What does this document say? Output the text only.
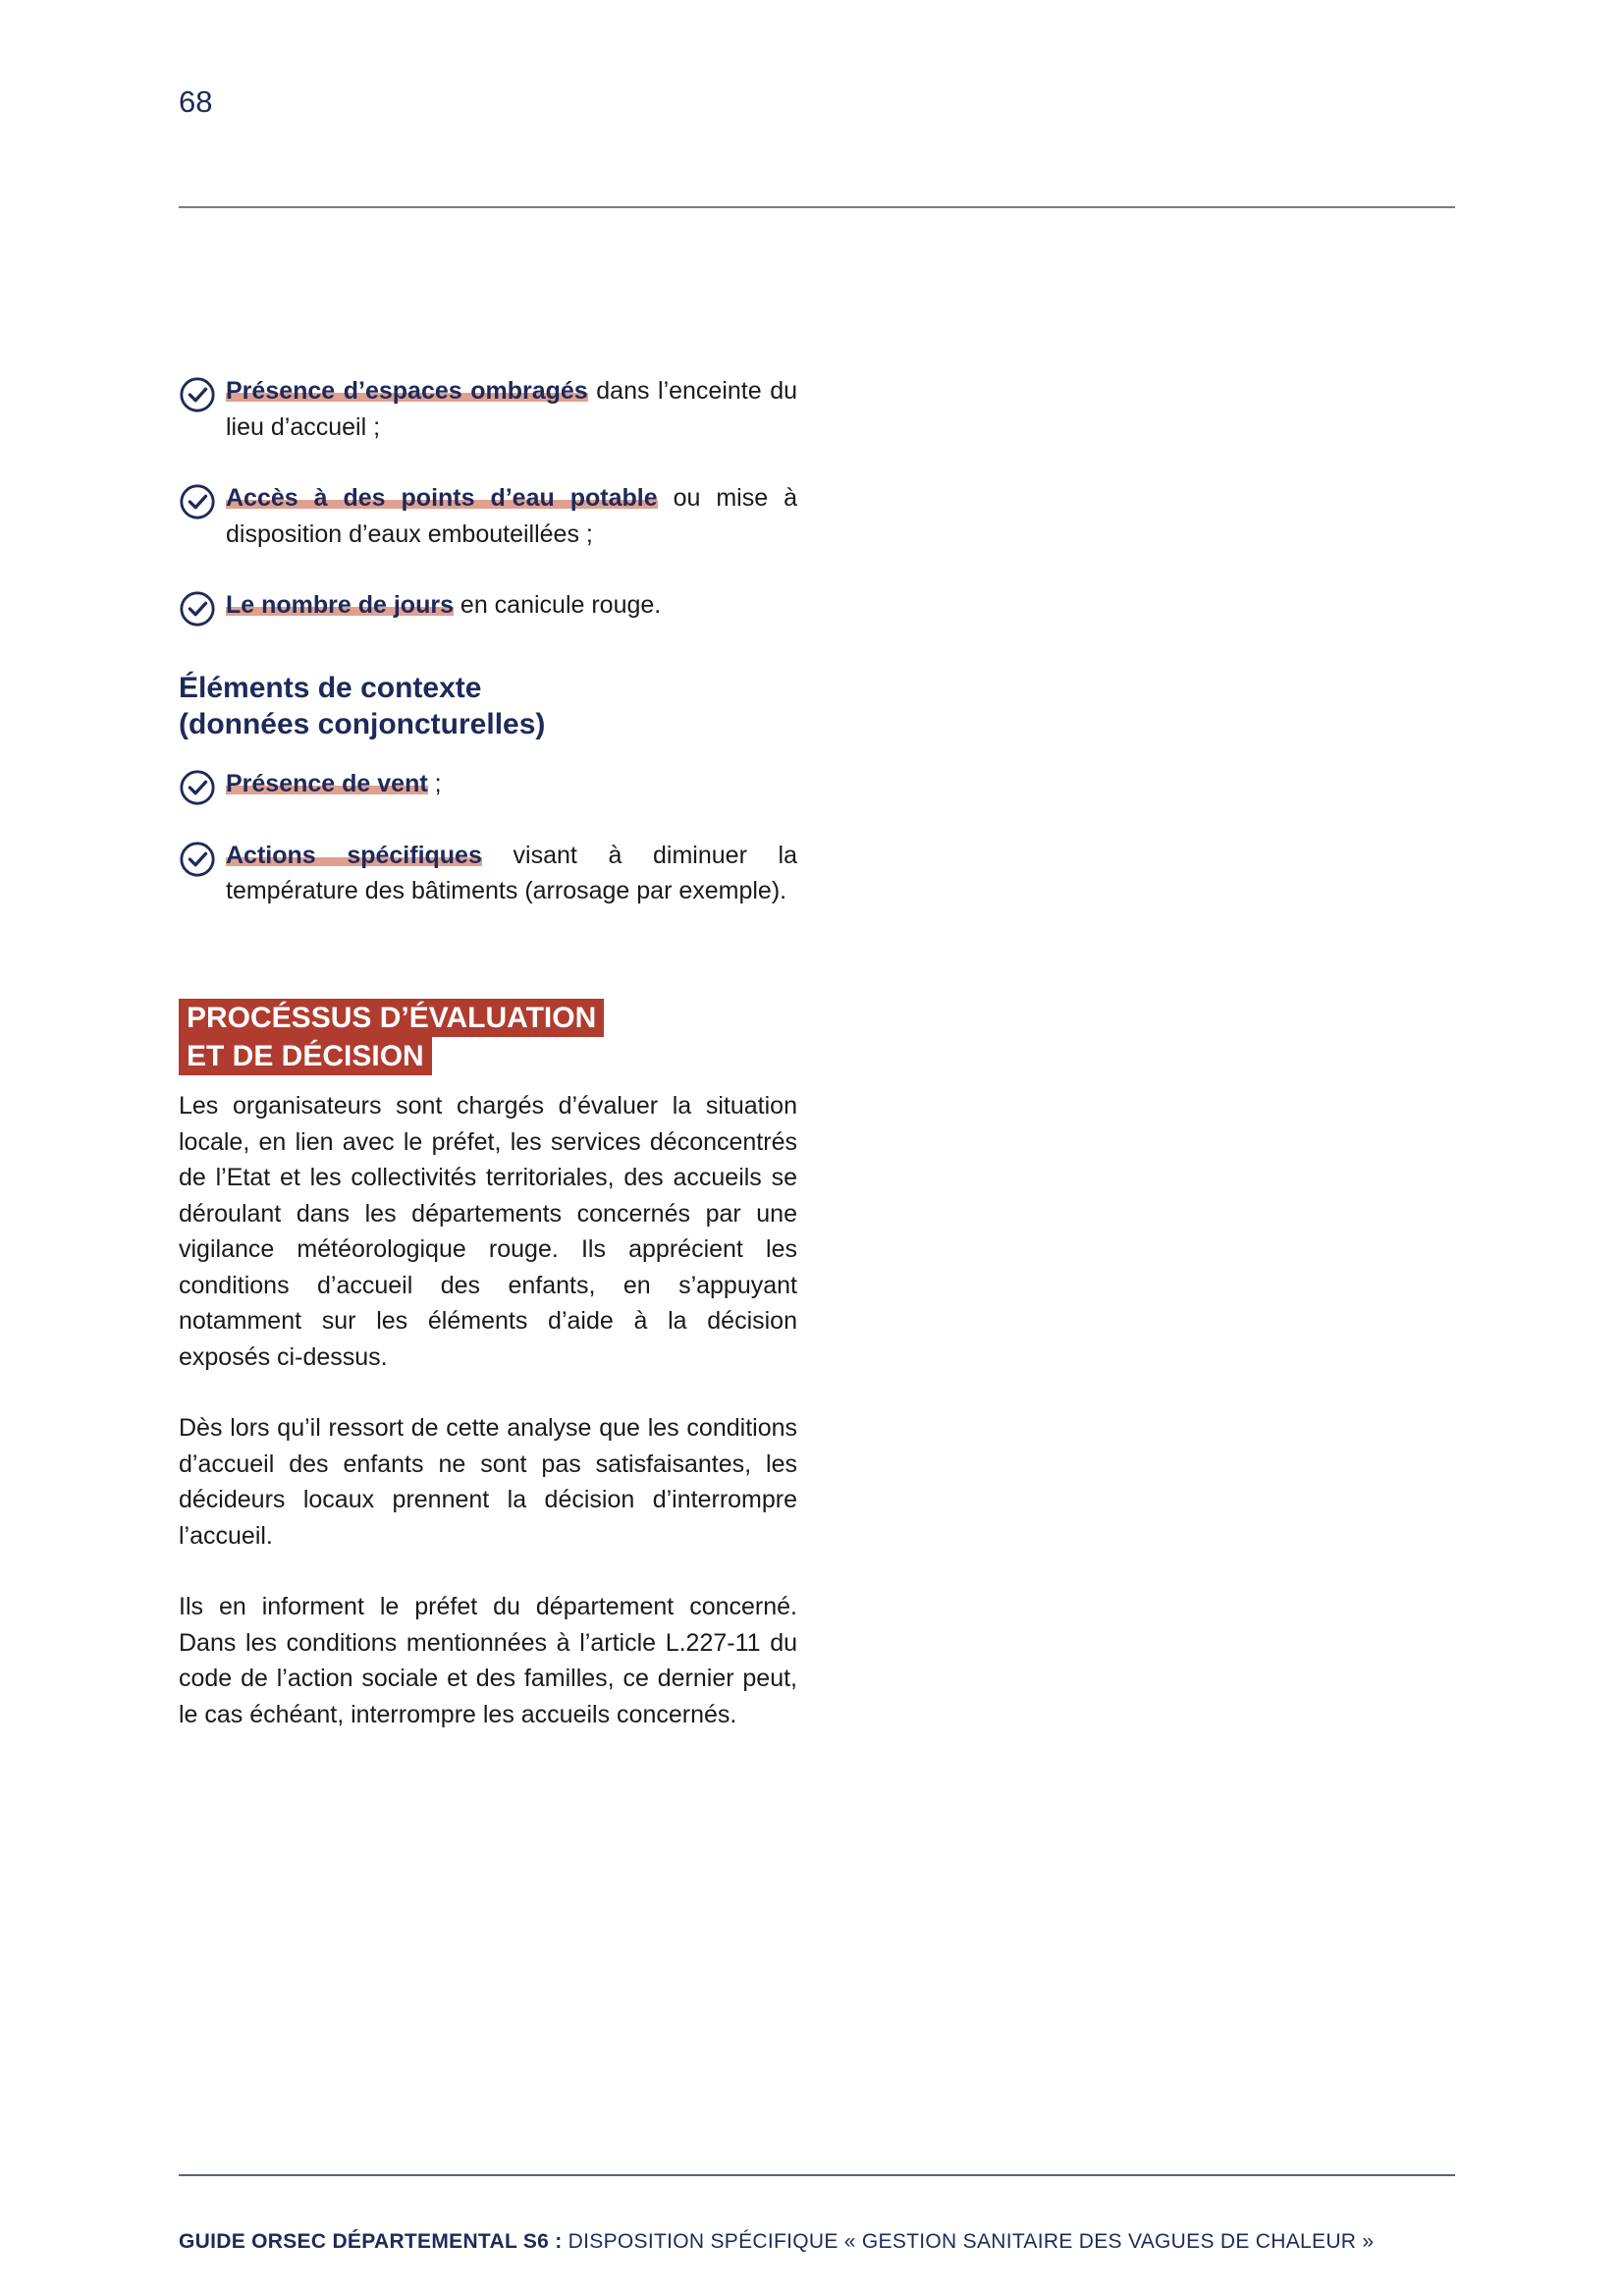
68
Présence d’espaces ombragés dans l’enceinte du lieu d’accueil ;
Accès à des points d’eau potable ou mise à disposition d’eaux embouteillées ;
Le nombre de jours en canicule rouge.
Éléments de contexte
(données conjoncturelles)
Présence de vent ;
Actions spécifiques visant à diminuer la température des bâtiments (arrosage par exemple).
PROCÉSSUS D’ÉVALUATION
ET DE DÉCISION

Les organisateurs sont chargés d’évaluer la situation locale, en lien avec le préfet, les services déconcentrés de l’Etat et les collectivités territoriales, des accueils se déroulant dans les départements concernés par une vigilance météorologique rouge. Ils apprécient les conditions d’accueil des enfants, en s’appuyant notamment sur les éléments d’aide à la décision exposés ci-dessus.

Dès lors qu’il ressort de cette analyse que les conditions d’accueil des enfants ne sont pas satisfaisantes, les décideurs locaux prennent la décision d’interrompre l’accueil.

Ils en informent le préfet du département concerné. Dans les conditions mentionnées à l’article L.227-11 du code de l’action sociale et des familles, ce dernier peut, le cas échéant, interrompre les accueils concernés.

GUIDE ORSEC DÉPARTEMENTAL S6 : DISPOSITION SPÉCIFIQUE « GESTION SANITAIRE DES VAGUES DE CHALEUR »
